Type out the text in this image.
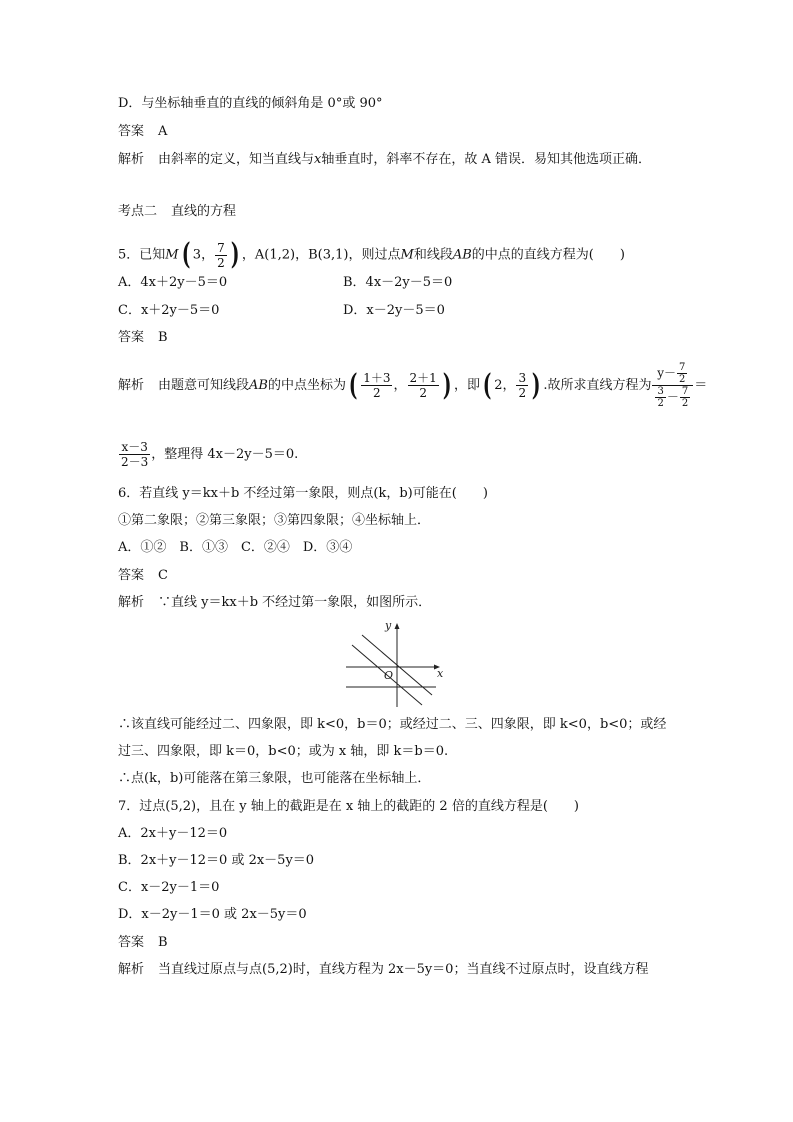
D．与坐标轴垂直的直线的倾斜角是 0°或 90°
答案 A
解析 由斜率的定义，知当直线与x轴垂直时，斜率不存在，故 A 错误．易知其他选项正确．
考点二 直线的方程
5．已知M( 3， $\frac{7}{2}$ ) ，A(1,2)，B(3,1)，则过点M和线段AB的中点的直线方程为(　　)
A．4x＋2y－5＝0	B．4x－2y－5＝0
C．x＋2y－5＝0	D．x－2y－5＝0
答案 B
解析 由题意可知线段AB的中点坐标为( $\frac{1+3}{2}$ ， $\frac{2+1}{2}$ ) ，即( 2， $\frac{3}{2}$ ) .故所求直线方程为 $\frac{y- \frac{7}{2}}{\frac{3}{2} - \frac{7}{2}}$ ＝
$\frac{x-3}{2-3}$ ，整理得 4x－2y－5＝0.
6．若直线 y＝kx＋b 不经过第一象限，则点(k，b)可能在(　　)
①第二象限；②第三象限；③第四象限；④坐标轴上．
A．①②　B．①③　C．②④　D．③④
答案 C
解析 ∵直线 y＝kx＋b 不经过第一象限，如图所示．
y
x
O
∴该直线可能经过二、四象限，即 k<0，b＝0；或经过二、三、四象限，即 k<0，b<0；或经
过三、四象限，即 k＝0，b<0；或为 x 轴，即 k＝b＝0.
∴点(k，b)可能落在第三象限，也可能落在坐标轴上．
7．过点(5,2)，且在 y 轴上的截距是在 x 轴上的截距的 2 倍的直线方程是(　　)
A．2x＋y－12＝0
B．2x＋y－12＝0 或 2x－5y＝0
C．x－2y－1＝0
D．x－2y－1＝0 或 2x－5y＝0
答案 B
解析 当直线过原点与点(5,2)时，直线方程为 2x－5y＝0；当直线不过原点时，设直线方程
